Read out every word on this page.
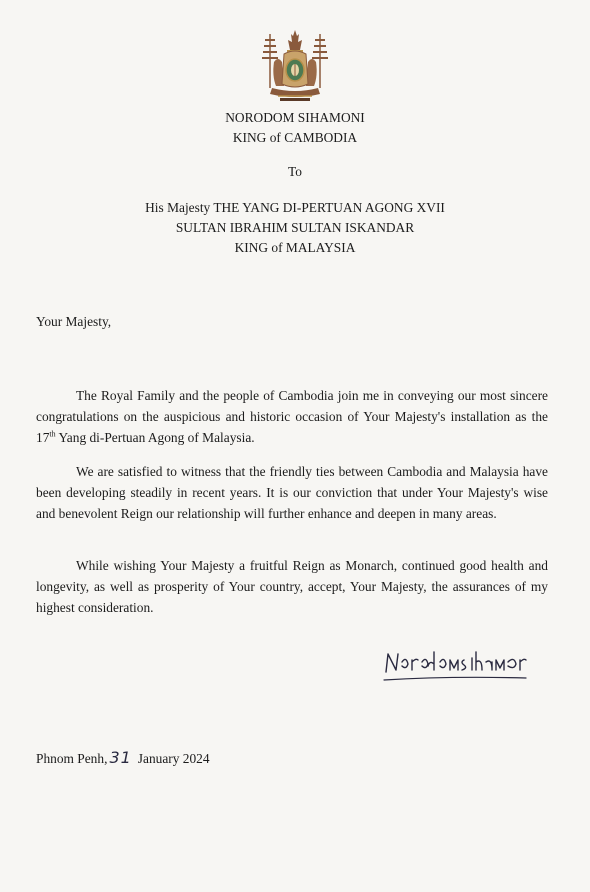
NORODOM SIHAMONI
KING of CAMBODIA
To
His Majesty THE YANG DI-PERTUAN AGONG XVII
SULTAN IBRAHIM SULTAN ISKANDAR
KING of MALAYSIA
Your Majesty,

The Royal Family and the people of Cambodia join me in conveying our most sincere congratulations on the auspicious and historic occasion of Your Majesty's installation as the 17th Yang di-Pertuan Agong of Malaysia.

We are satisfied to witness that the friendly ties between Cambodia and Malaysia have been developing steadily in recent years. It is our conviction that under Your Majesty's wise and benevolent Reign our relationship will further enhance and deepen in many areas.

While wishing Your Majesty a fruitful Reign as Monarch, continued good health and longevity, as well as prosperity of Your country, accept, Your Majesty, the assurances of my highest consideration.

Phnom Penh, 31 January 2024
